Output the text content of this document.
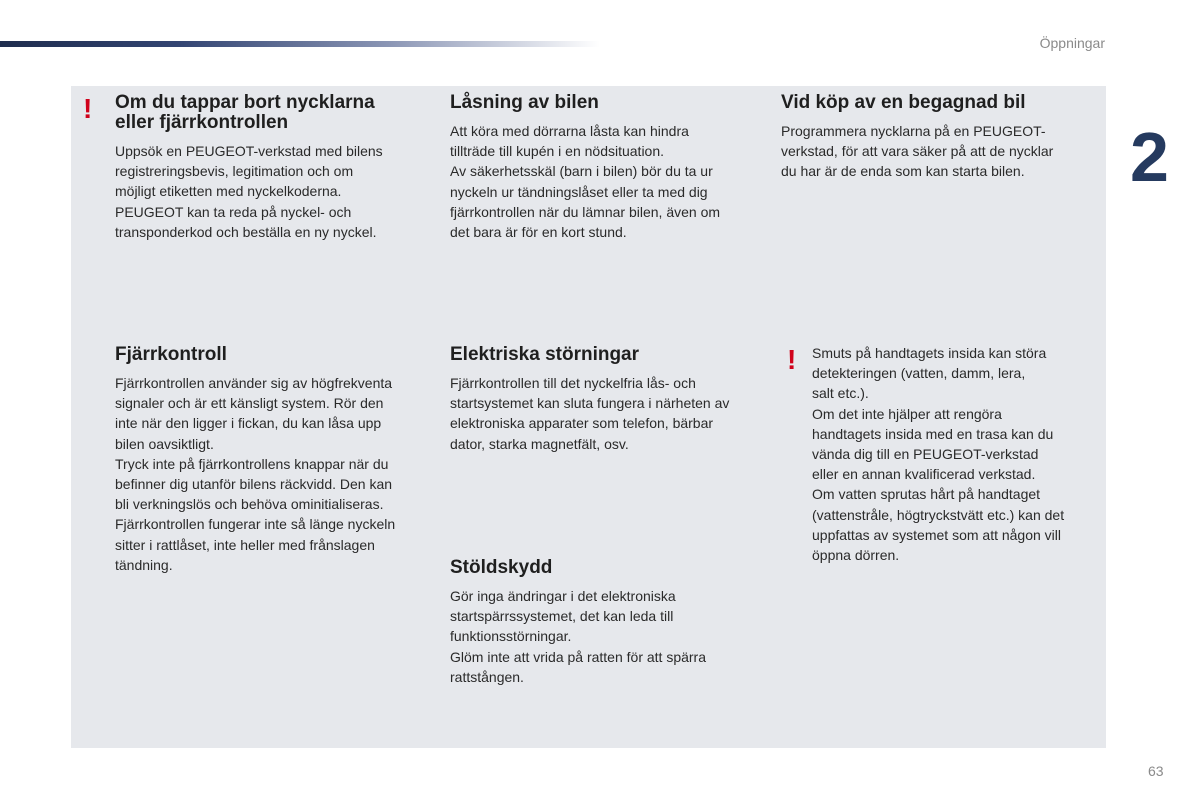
Öppningar
2
! Om du tappar bort nycklarna
eller fjärrkontrollen

Uppsök en PEUGEOT-verkstad med bilens
registreringsbevis, legitimation och om
möjligt etiketten med nyckelkoderna.
PEUGEOT kan ta reda på nyckel- och
transponderkod och beställa en ny nyckel.

Låsning av bilen

Att köra med dörrarna låsta kan hindra
tillträde till kupén i en nödsituation.
Av säkerhetsskäl (barn i bilen) bör du ta ur
nyckeln ur tändningslåset eller ta med dig
fjärrkontrollen när du lämnar bilen, även om
det bara är för en kort stund.

Vid köp av en begagnad bil

Programmera nycklarna på en PEUGEOT-
verkstad, för att vara säker på att de nycklar
du har är de enda som kan starta bilen.

Fjärrkontroll

Fjärrkontrollen använder sig av högfrekventa
signaler och är ett känsligt system. Rör den
inte när den ligger i fickan, du kan låsa upp
bilen oavsiktligt.
Tryck inte på fjärrkontrollens knappar när du
befinner dig utanför bilens räckvidd. Den kan
bli verkningslös och behöva ominitialiseras.
Fjärrkontrollen fungerar inte så länge nyckeln
sitter i rattlåset, inte heller med frånslagen
tändning.

Elektriska störningar

Fjärrkontrollen till det nyckelfria lås- och
startsystemet kan sluta fungera i närheten av
elektroniska apparater som telefon, bärbar
dator, starka magnetfält, osv.

Stöldskydd

Gör inga ändringar i det elektroniska
startspärrssystemet, det kan leda till
funktionsstörningar.
Glöm inte att vrida på ratten för att spärra
rattstången.

! Smuts på handtagets insida kan störa
detekteringen (vatten, damm, lera,
salt etc.).
Om det inte hjälper att rengöra
handtagets insida med en trasa kan du
vända dig till en PEUGEOT-verkstad
eller en annan kvalificerad verkstad.
Om vatten sprutas hårt på handtaget
(vattenstråle, högtryckstvätt etc.) kan det
uppfattas av systemet som att någon vill
öppna dörren.

63
